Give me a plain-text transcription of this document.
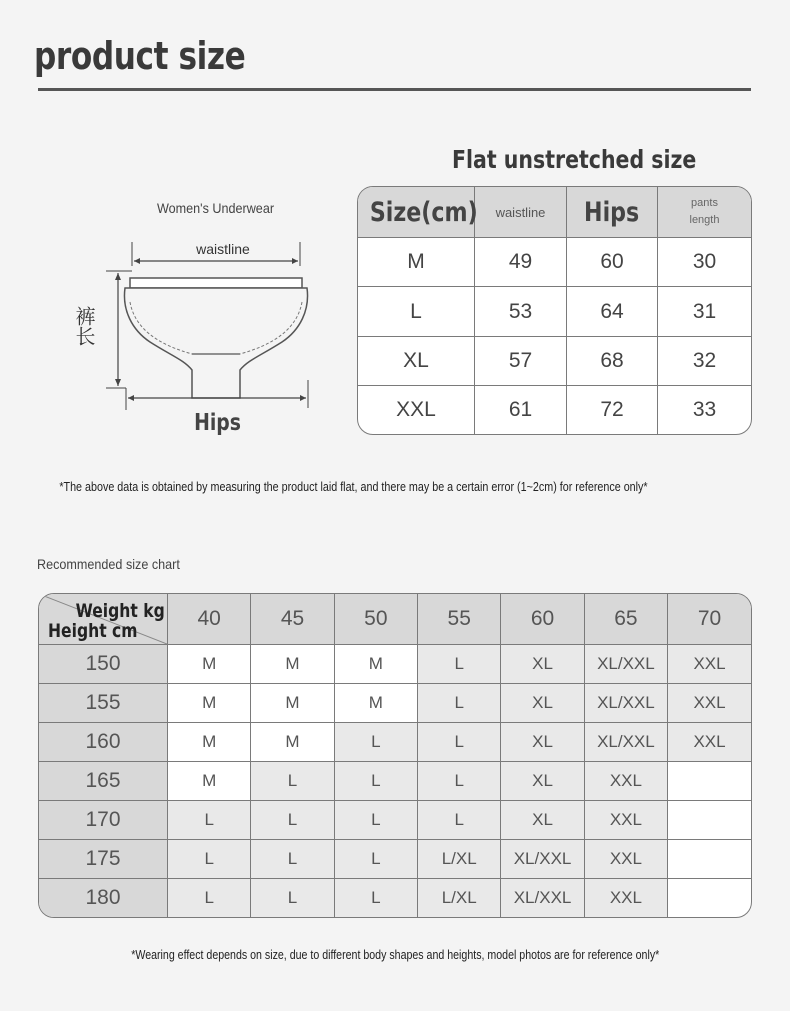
product size
Flat unstretched size
Women's Underwear
waistline
Hips
裤长
Size(cm)	waistline	Hips	pants length
M	49	60	30
L	53	64	31
XL	57	68	32
XXL	61	72	33
*The above data is obtained by measuring the product laid flat, and there may be a certain error (1~2cm) for reference only*
Recommended size chart
Weight kg
Height cm	40	45	50	55	60	65	70
150	M	M	M	L	XL	XL/XXL	XXL
155	M	M	M	L	XL	XL/XXL	XXL
160	M	M	L	L	XL	XL/XXL	XXL
165	M	L	L	L	XL	XXL	
170	L	L	L	L	XL	XXL	
175	L	L	L	L/XL	XL/XXL	XXL	
180	L	L	L	L/XL	XL/XXL	XXL	
*Wearing effect depends on size, due to different body shapes and heights, model photos are for reference only*
